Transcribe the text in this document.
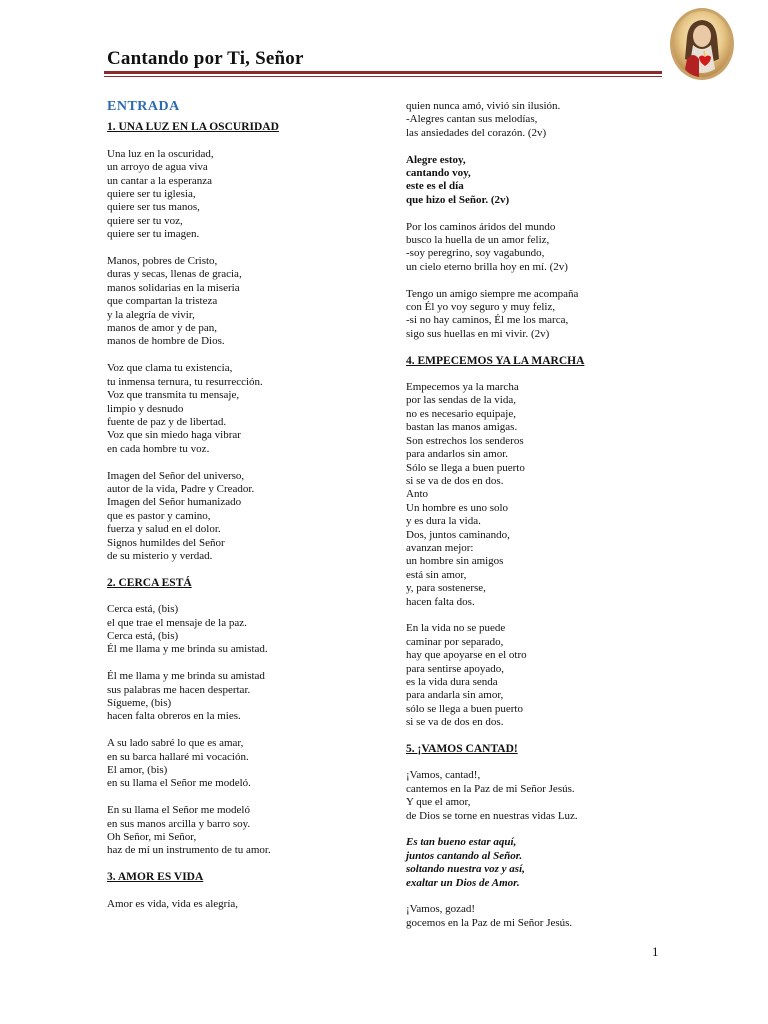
Cantando por Ti, Señor
ENTRADA
1. UNA LUZ EN LA OSCURIDAD
Una luz en la oscuridad,
un arroyo de agua viva
un cantar a la esperanza
quiere ser tu iglesia,
quiere ser tus manos,
quiere ser tu voz,
quiere ser tu imagen.
Manos, pobres de Cristo,
duras y secas, llenas de gracia,
manos solidarias en la miseria
que compartan la tristeza
y la alegría de vivir,
manos de amor y de pan,
manos de hombre de Dios.
Voz que clama tu existencia,
tu inmensa ternura, tu resurrección.
Voz que transmita tu mensaje,
limpio y desnudo
fuente de paz y de libertad.
Voz que sin miedo haga vibrar
en cada hombre tu voz.
Imagen del Señor del universo,
autor de la vida, Padre y Creador.
Imagen del Señor humanizado
que es pastor y camino,
fuerza y salud en el dolor.
Signos humildes del Señor
de su misterio y verdad.
2. CERCA ESTÁ
Cerca está, (bis)
el que trae el mensaje de la paz.
Cerca está, (bis)
Él me llama y me brinda su amistad.
Él me llama y me brinda su amistad
sus palabras me hacen despertar.
Sígueme, (bis)
hacen falta obreros en la mies.
A su lado sabré lo que es amar,
en su barca hallaré mi vocación.
El amor, (bis)
en su llama el Señor me modeló.
En su llama el Señor me modeló
en sus manos arcilla y barro soy.
Oh Señor, mi Señor,
haz de mí un instrumento de tu amor.
3. AMOR ES VIDA
Amor es vida, vida es alegría,
quien nunca amó, vivió sin ilusión.
-Alegres cantan sus melodías,
las ansiedades del corazón. (2v)
Alegre estoy,
cantando voy,
este es el día
que hizo el Señor. (2v)
Por los caminos áridos del mundo
busco la huella de un amor feliz,
-soy peregrino, soy vagabundo,
un cielo eterno brilla hoy en mí. (2v)
Tengo un amigo siempre me acompaña
con Él yo voy seguro y muy feliz,
-si no hay caminos, Él me los marca,
sigo sus huellas en mi vivir. (2v)
4. EMPECEMOS YA LA MARCHA
Empecemos ya la marcha
por las sendas de la vida,
no es necesario equipaje,
bastan las manos amigas.
Son estrechos los senderos
para andarlos sin amor.
Sólo se llega a buen puerto
si se va de dos en dos.
Anto
Un hombre es uno solo
y es dura la vida.
Dos, juntos caminando,
avanzan mejor:
un hombre sin amigos
está sin amor,
y, para sostenerse,
hacen falta dos.
En la vida no se puede
caminar por separado,
hay que apoyarse en el otro
para sentirse apoyado,
es la vida dura senda
para andarla sin amor,
sólo se llega a buen puerto
si se va de dos en dos.
5. ¡VAMOS CANTAD!
¡Vamos, cantad!,
cantemos en la Paz de mi Señor Jesús.
Y que el amor,
de Dios se torne en nuestras vidas Luz.
Es tan bueno estar aquí,
juntos cantando al Señor.
soltando nuestra voz y así,
exaltar un Dios de Amor.
¡Vamos, gozad!
gocemos en la Paz de mi Señor Jesús.
1
